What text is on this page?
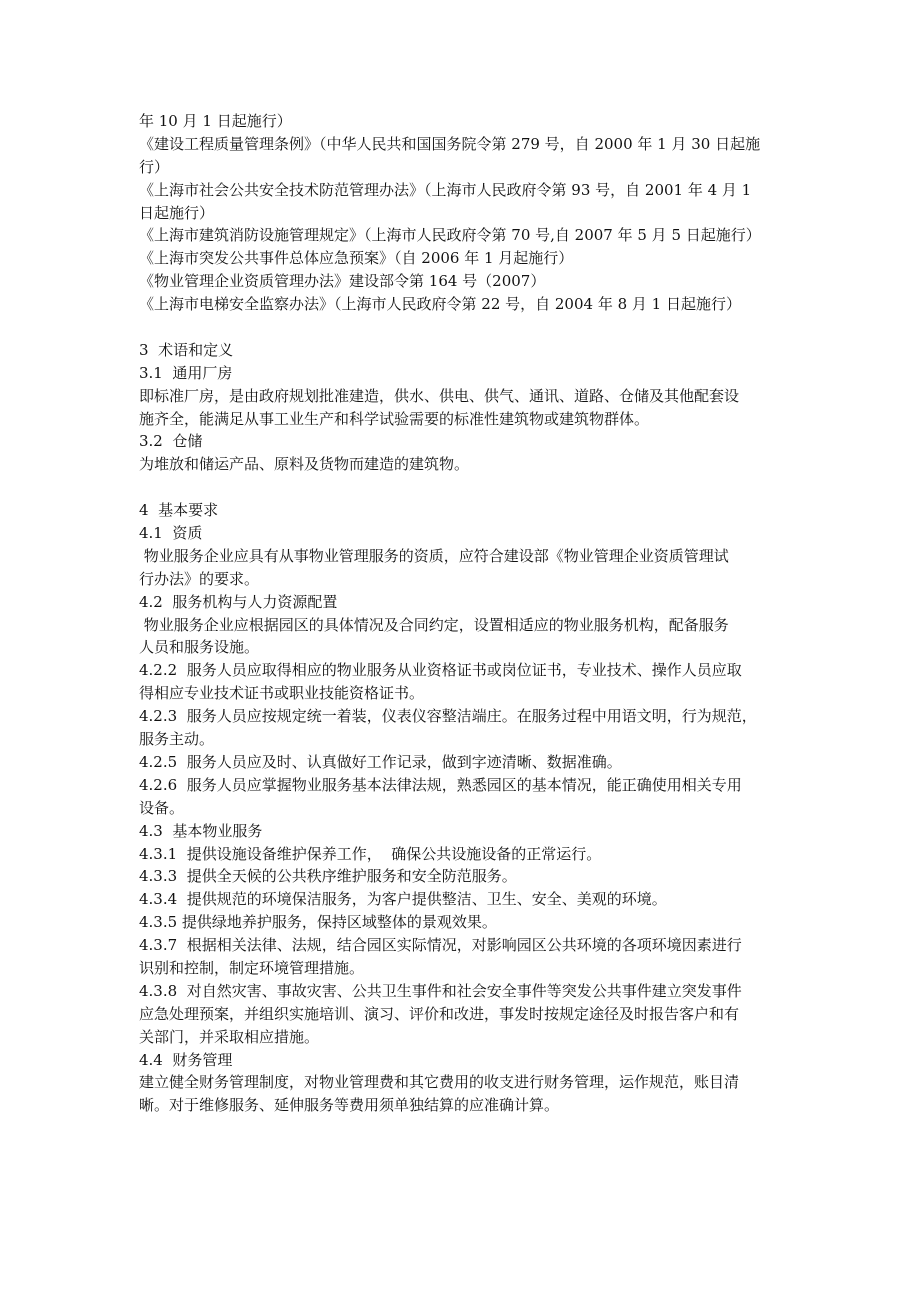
年 10 月 1 日起施行）
《建设工程质量管理条例》（中华人民共和国国务院令第 279 号，自 2000 年 1 月 30 日起施
行）
《上海市社会公共安全技术防范管理办法》（上海市人民政府令第 93 号，自 2001 年 4 月 1
日起施行）
《上海市建筑消防设施管理规定》（上海市人民政府令第 70 号,自 2007 年 5 月 5 日起施行）
《上海市突发公共事件总体应急预案》（自 2006 年 1 月起施行）
《物业管理企业资质管理办法》建设部令第 164 号（2007）
《上海市电梯安全监察办法》（上海市人民政府令第 22 号，自 2004 年 8 月 1 日起施行）
3  术语和定义
3.1  通用厂房
即标准厂房，是由政府规划批准建造，供水、供电、供气、通讯、道路、仓储及其他配套设
施齐全，能满足从事工业生产和科学试验需要的标准性建筑物或建筑物群体。
3.2  仓储
为堆放和储运产品、原料及货物而建造的建筑物。
4  基本要求
4.1  资质
物业服务企业应具有从事物业管理服务的资质，应符合建设部《物业管理企业资质管理试
行办法》的要求。
4.2  服务机构与人力资源配置
物业服务企业应根据园区的具体情况及合同约定，设置相适应的物业服务机构，配备服务
人员和服务设施。
4.2.2  服务人员应取得相应的物业服务从业资格证书或岗位证书，专业技术、操作人员应取
得相应专业技术证书或职业技能资格证书。
4.2.3  服务人员应按规定统一着装，仪表仪容整洁端庄。在服务过程中用语文明，行为规范，
服务主动。
4.2.5  服务人员应及时、认真做好工作记录，做到字迹清晰、数据准确。
4.2.6  服务人员应掌握物业服务基本法律法规，熟悉园区的基本情况，能正确使用相关专用
设备。
4.3  基本物业服务
4.3.1  提供设施设备维护保养工作，  确保公共设施设备的正常运行。
4.3.3  提供全天候的公共秩序维护服务和安全防范服务。
4.3.4  提供规范的环境保洁服务，为客户提供整洁、卫生、安全、美观的环境。
4.3.5 提供绿地养护服务，保持区域整体的景观效果。
4.3.7  根据相关法律、法规，结合园区实际情况，对影响园区公共环境的各项环境因素进行
识别和控制，制定环境管理措施。
4.3.8  对自然灾害、事故灾害、公共卫生事件和社会安全事件等突发公共事件建立突发事件
应急处理预案，并组织实施培训、演习、评价和改进，事发时按规定途径及时报告客户和有
关部门，并采取相应措施。
4.4  财务管理
建立健全财务管理制度，对物业管理费和其它费用的收支进行财务管理，运作规范，账目清
晰。对于维修服务、延伸服务等费用须单独结算的应准确计算。
